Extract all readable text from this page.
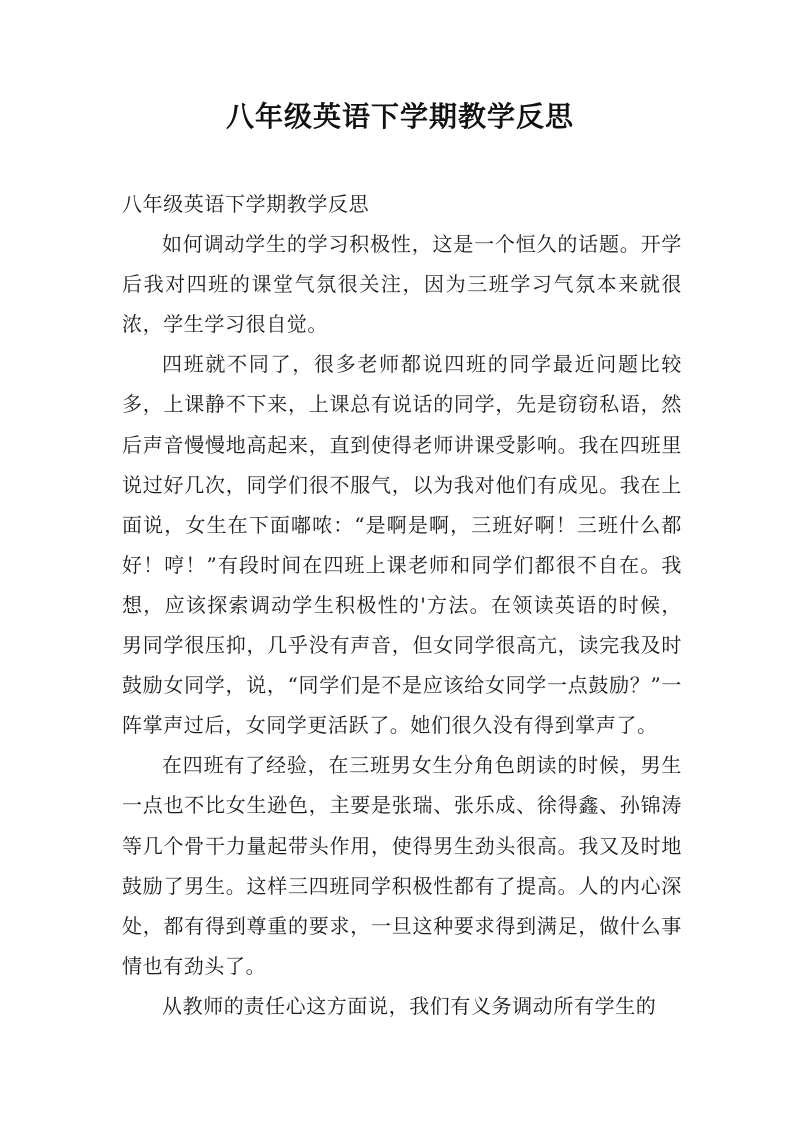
八年级英语下学期教学反思

八年级英语下学期教学反思

如何调动学生的学习积极性，这是一个恒久的话题。开学后我对四班的课堂气氛很关注，因为三班学习气氛本来就很浓，学生学习很自觉。

四班就不同了，很多老师都说四班的同学最近问题比较多，上课静不下来，上课总有说话的同学，先是窃窃私语，然后声音慢慢地高起来，直到使得老师讲课受影响。我在四班里说过好几次，同学们很不服气，以为我对他们有成见。我在上面说，女生在下面嘟哝：“是啊是啊，三班好啊！三班什么都好！哼！”有段时间在四班上课老师和同学们都很不自在。我想，应该探索调动学生积极性的'方法。在领读英语的时候，男同学很压抑，几乎没有声音，但女同学很高亢，读完我及时鼓励女同学，说，“同学们是不是应该给女同学一点鼓励？”一阵掌声过后，女同学更活跃了。她们很久没有得到掌声了。

在四班有了经验，在三班男女生分角色朗读的时候，男生一点也不比女生逊色，主要是张瑞、张乐成、徐得鑫、孙锦涛等几个骨干力量起带头作用，使得男生劲头很高。我又及时地鼓励了男生。这样三四班同学积极性都有了提高。人的内心深处，都有得到尊重的要求，一旦这种要求得到满足，做什么事情也有劲头了。

从教师的责任心这方面说，我们有义务调动所有学生的
